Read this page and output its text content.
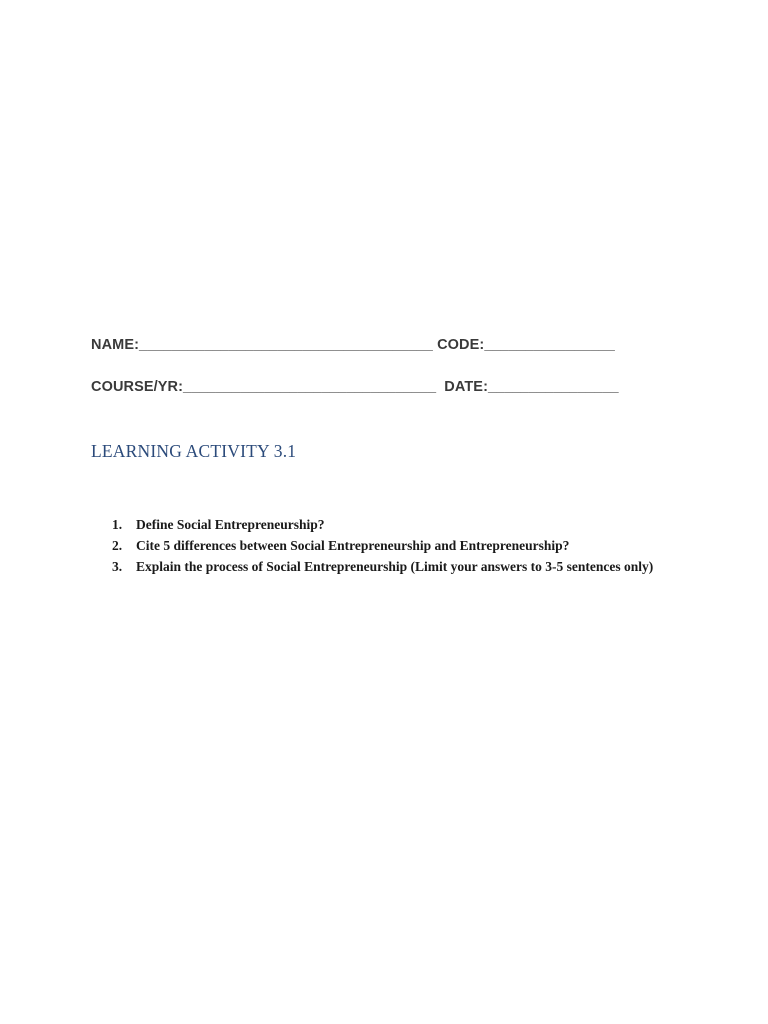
NAME:____________________________________ CODE:________________
COURSE/YR:_______________________________ DATE:________________
LEARNING ACTIVITY 3.1
1. Define Social Entrepreneurship?
2. Cite 5 differences between Social Entrepreneurship and Entrepreneurship?
3. Explain the process of Social Entrepreneurship (Limit your answers to 3-5 sentences only)
